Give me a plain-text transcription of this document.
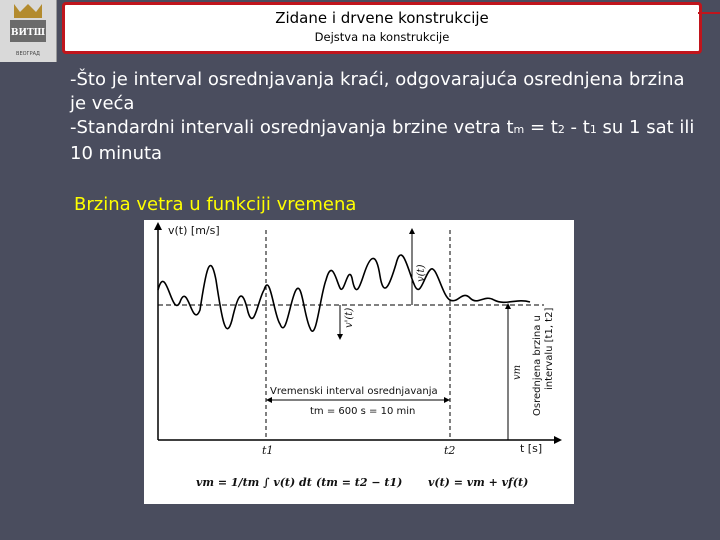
ВИТШ
ВЕОГРАД
Zidane i drvene konstrukcije
Dejstva na konstrukcije

-Što je interval osrednjavanja kraći, odgovarajuća osrednjena brzina je veća

-Standardni intervali osrednjavanja brzine vetra tm = t2 - t1 su 1 sat ili 10 minuta

Brzina vetra u funkciji vremena
v(t) [m/s]
t [s]
t1	t2
v'(t)
v(t)
vm Osrednjena brzina u intervalu [t1, t2]
Vremenski interval osrednjavanja
tm = 600 s = 10 min
vm = 1/tm ∫ v(t) dt (tm = t2 − t1) v(t) = vm + vf(t)
